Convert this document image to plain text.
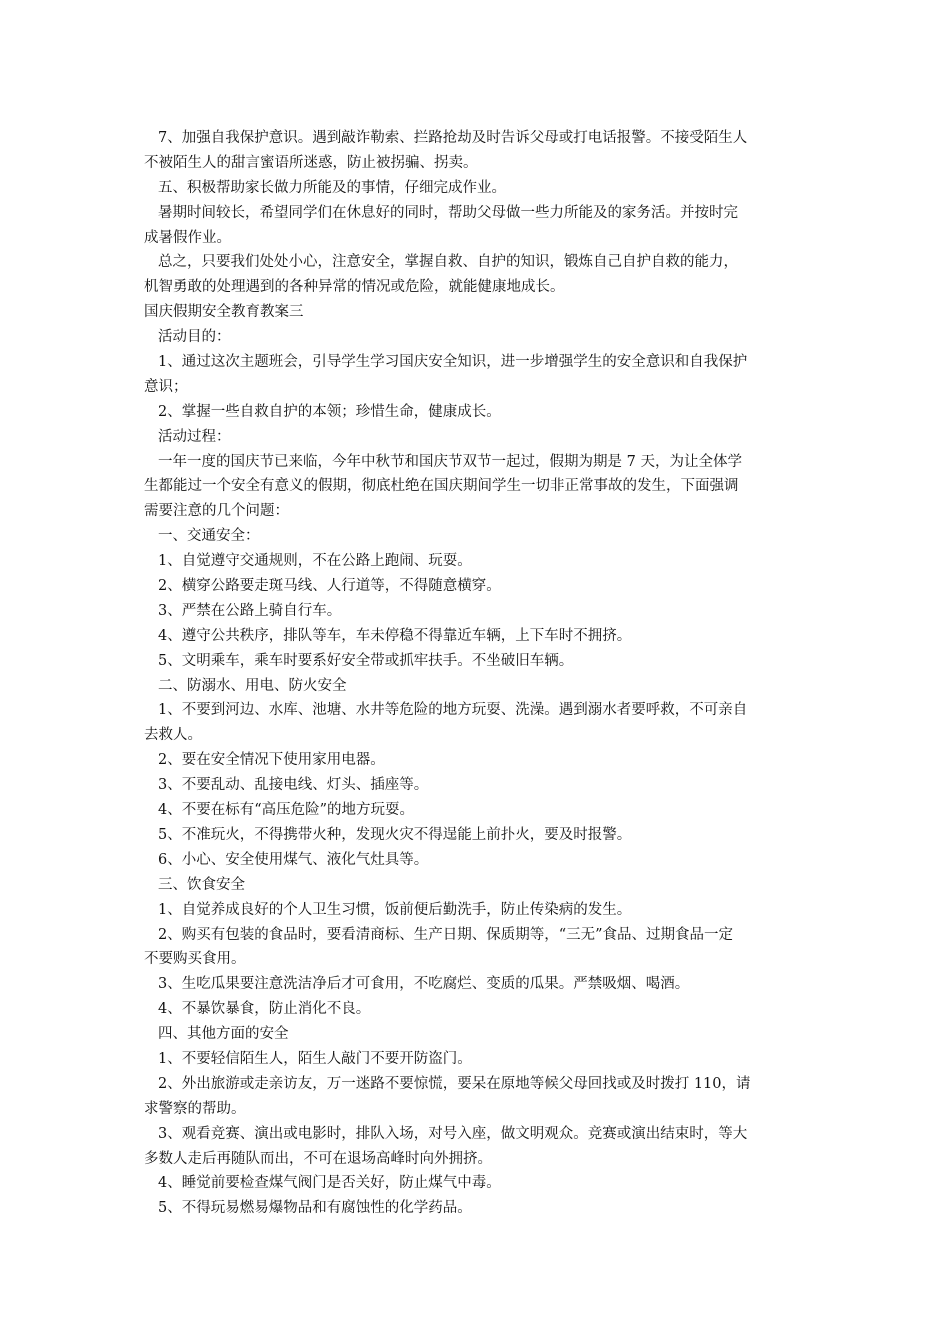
7、加强自我保护意识。遇到敲诈勒索、拦路抢劫及时告诉父母或打电话报警。不接受陌生人
不被陌生人的甜言蜜语所迷惑，防止被拐骗、拐卖。
五、积极帮助家长做力所能及的事情，仔细完成作业。
暑期时间较长，希望同学们在休息好的同时，帮助父母做一些力所能及的家务活。并按时完
成暑假作业。
总之，只要我们处处小心，注意安全，掌握自救、自护的知识，锻炼自己自护自救的能力，
机智勇敢的处理遇到的各种异常的情况或危险，就能健康地成长。
国庆假期安全教育教案三
活动目的：
1、通过这次主题班会，引导学生学习国庆安全知识，进一步增强学生的安全意识和自我保护
意识；
2、掌握一些自救自护的本领；珍惜生命，健康成长。
活动过程：
一年一度的国庆节已来临，今年中秋节和国庆节双节一起过，假期为期是 7 天，为让全体学
生都能过一个安全有意义的假期，彻底杜绝在国庆期间学生一切非正常事故的发生，下面强调
需要注意的几个问题：
一、交通安全：
1、自觉遵守交通规则，不在公路上跑闹、玩耍。
2、横穿公路要走斑马线、人行道等，不得随意横穿。
3、严禁在公路上骑自行车。
4、遵守公共秩序，排队等车，车未停稳不得靠近车辆，上下车时不拥挤。
5、文明乘车，乘车时要系好安全带或抓牢扶手。不坐破旧车辆。
二、防溺水、用电、防火安全
1、不要到河边、水库、池塘、水井等危险的地方玩耍、洗澡。遇到溺水者要呼救，不可亲自
去救人。
2、要在安全情况下使用家用电器。
3、不要乱动、乱接电线、灯头、插座等。
4、不要在标有“高压危险”的地方玩耍。
5、不准玩火，不得携带火种，发现火灾不得逞能上前扑火，要及时报警。
6、小心、安全使用煤气、液化气灶具等。
三、饮食安全
1、自觉养成良好的个人卫生习惯，饭前便后勤洗手，防止传染病的发生。
2、购买有包装的食品时，要看清商标、生产日期、保质期等，“三无”食品、过期食品一定
不要购买食用。
3、生吃瓜果要注意洗洁净后才可食用，不吃腐烂、变质的瓜果。严禁吸烟、喝酒。
4、不暴饮暴食，防止消化不良。
四、其他方面的安全
1、不要轻信陌生人，陌生人敲门不要开防盗门。
2、外出旅游或走亲访友，万一迷路不要惊慌，要呆在原地等候父母回找或及时拨打 110，请
求警察的帮助。
3、观看竞赛、演出或电影时，排队入场，对号入座，做文明观众。竞赛或演出结束时，等大
多数人走后再随队而出，不可在退场高峰时向外拥挤。
4、睡觉前要检查煤气阀门是否关好，防止煤气中毒。
5、不得玩易燃易爆物品和有腐蚀性的化学药品。
